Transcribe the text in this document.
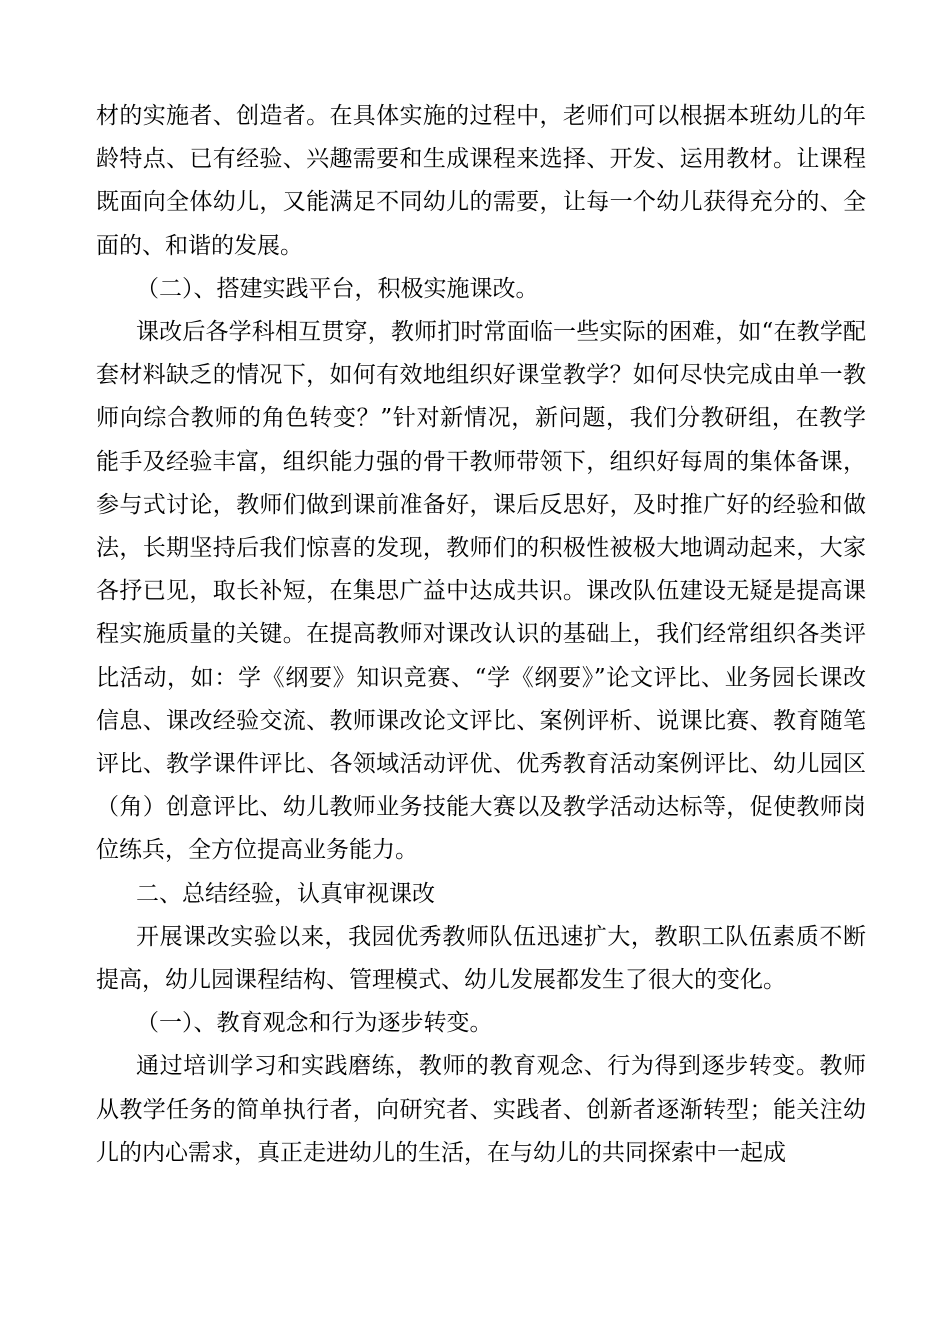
材的实施者、创造者。在具体实施的过程中，老师们可以根据本班幼儿的年龄特点、已有经验、兴趣需要和生成课程来选择、开发、运用教材。让课程既面向全体幼儿，又能满足不同幼儿的需要，让每一个幼儿获得充分的、全面的、和谐的发展。

（二）、搭建实践平台，积极实施课改。

课改后各学科相互贯穿，教师扪时常面临一些实际的困难，如“在教学配套材料缺乏的情况下，如何有效地组织好课堂教学？如何尽快完成由单一教师向综合教师的角色转变？”针对新情况，新问题，我们分教研组，在教学能手及经验丰富，组织能力强的骨干教师带领下，组织好每周的集体备课，参与式讨论，教师们做到课前准备好，课后反思好，及时推广好的经验和做法，长期坚持后我们惊喜的发现，教师们的积极性被极大地调动起来，大家各抒已见，取长补短，在集思广益中达成共识。课改队伍建设无疑是提高课程实施质量的关键。在提高教师对课改认识的基础上，我们经常组织各类评比活动，如：学《纲要》知识竞赛、“学《纲要》”论文评比、业务园长课改信息、课改经验交流、教师课改论文评比、案例评析、说课比赛、教育随笔评比、教学课件评比、各领域活动评优、优秀教育活动案例评比、幼儿园区（角）创意评比、幼儿教师业务技能大赛以及教学活动达标等，促使教师岗位练兵，全方位提高业务能力。

二、总结经验，认真审视课改

开展课改实验以来，我园优秀教师队伍迅速扩大，教职工队伍素质不断提高，幼儿园课程结构、管理模式、幼儿发展都发生了很大的变化。

（一）、教育观念和行为逐步转变。

通过培训学习和实践磨练，教师的教育观念、行为得到逐步转变。教师从教学任务的简单执行者，向研究者、实践者、创新者逐渐转型；能关注幼儿的内心需求，真正走进幼儿的生活，在与幼儿的共同探索中一起成
